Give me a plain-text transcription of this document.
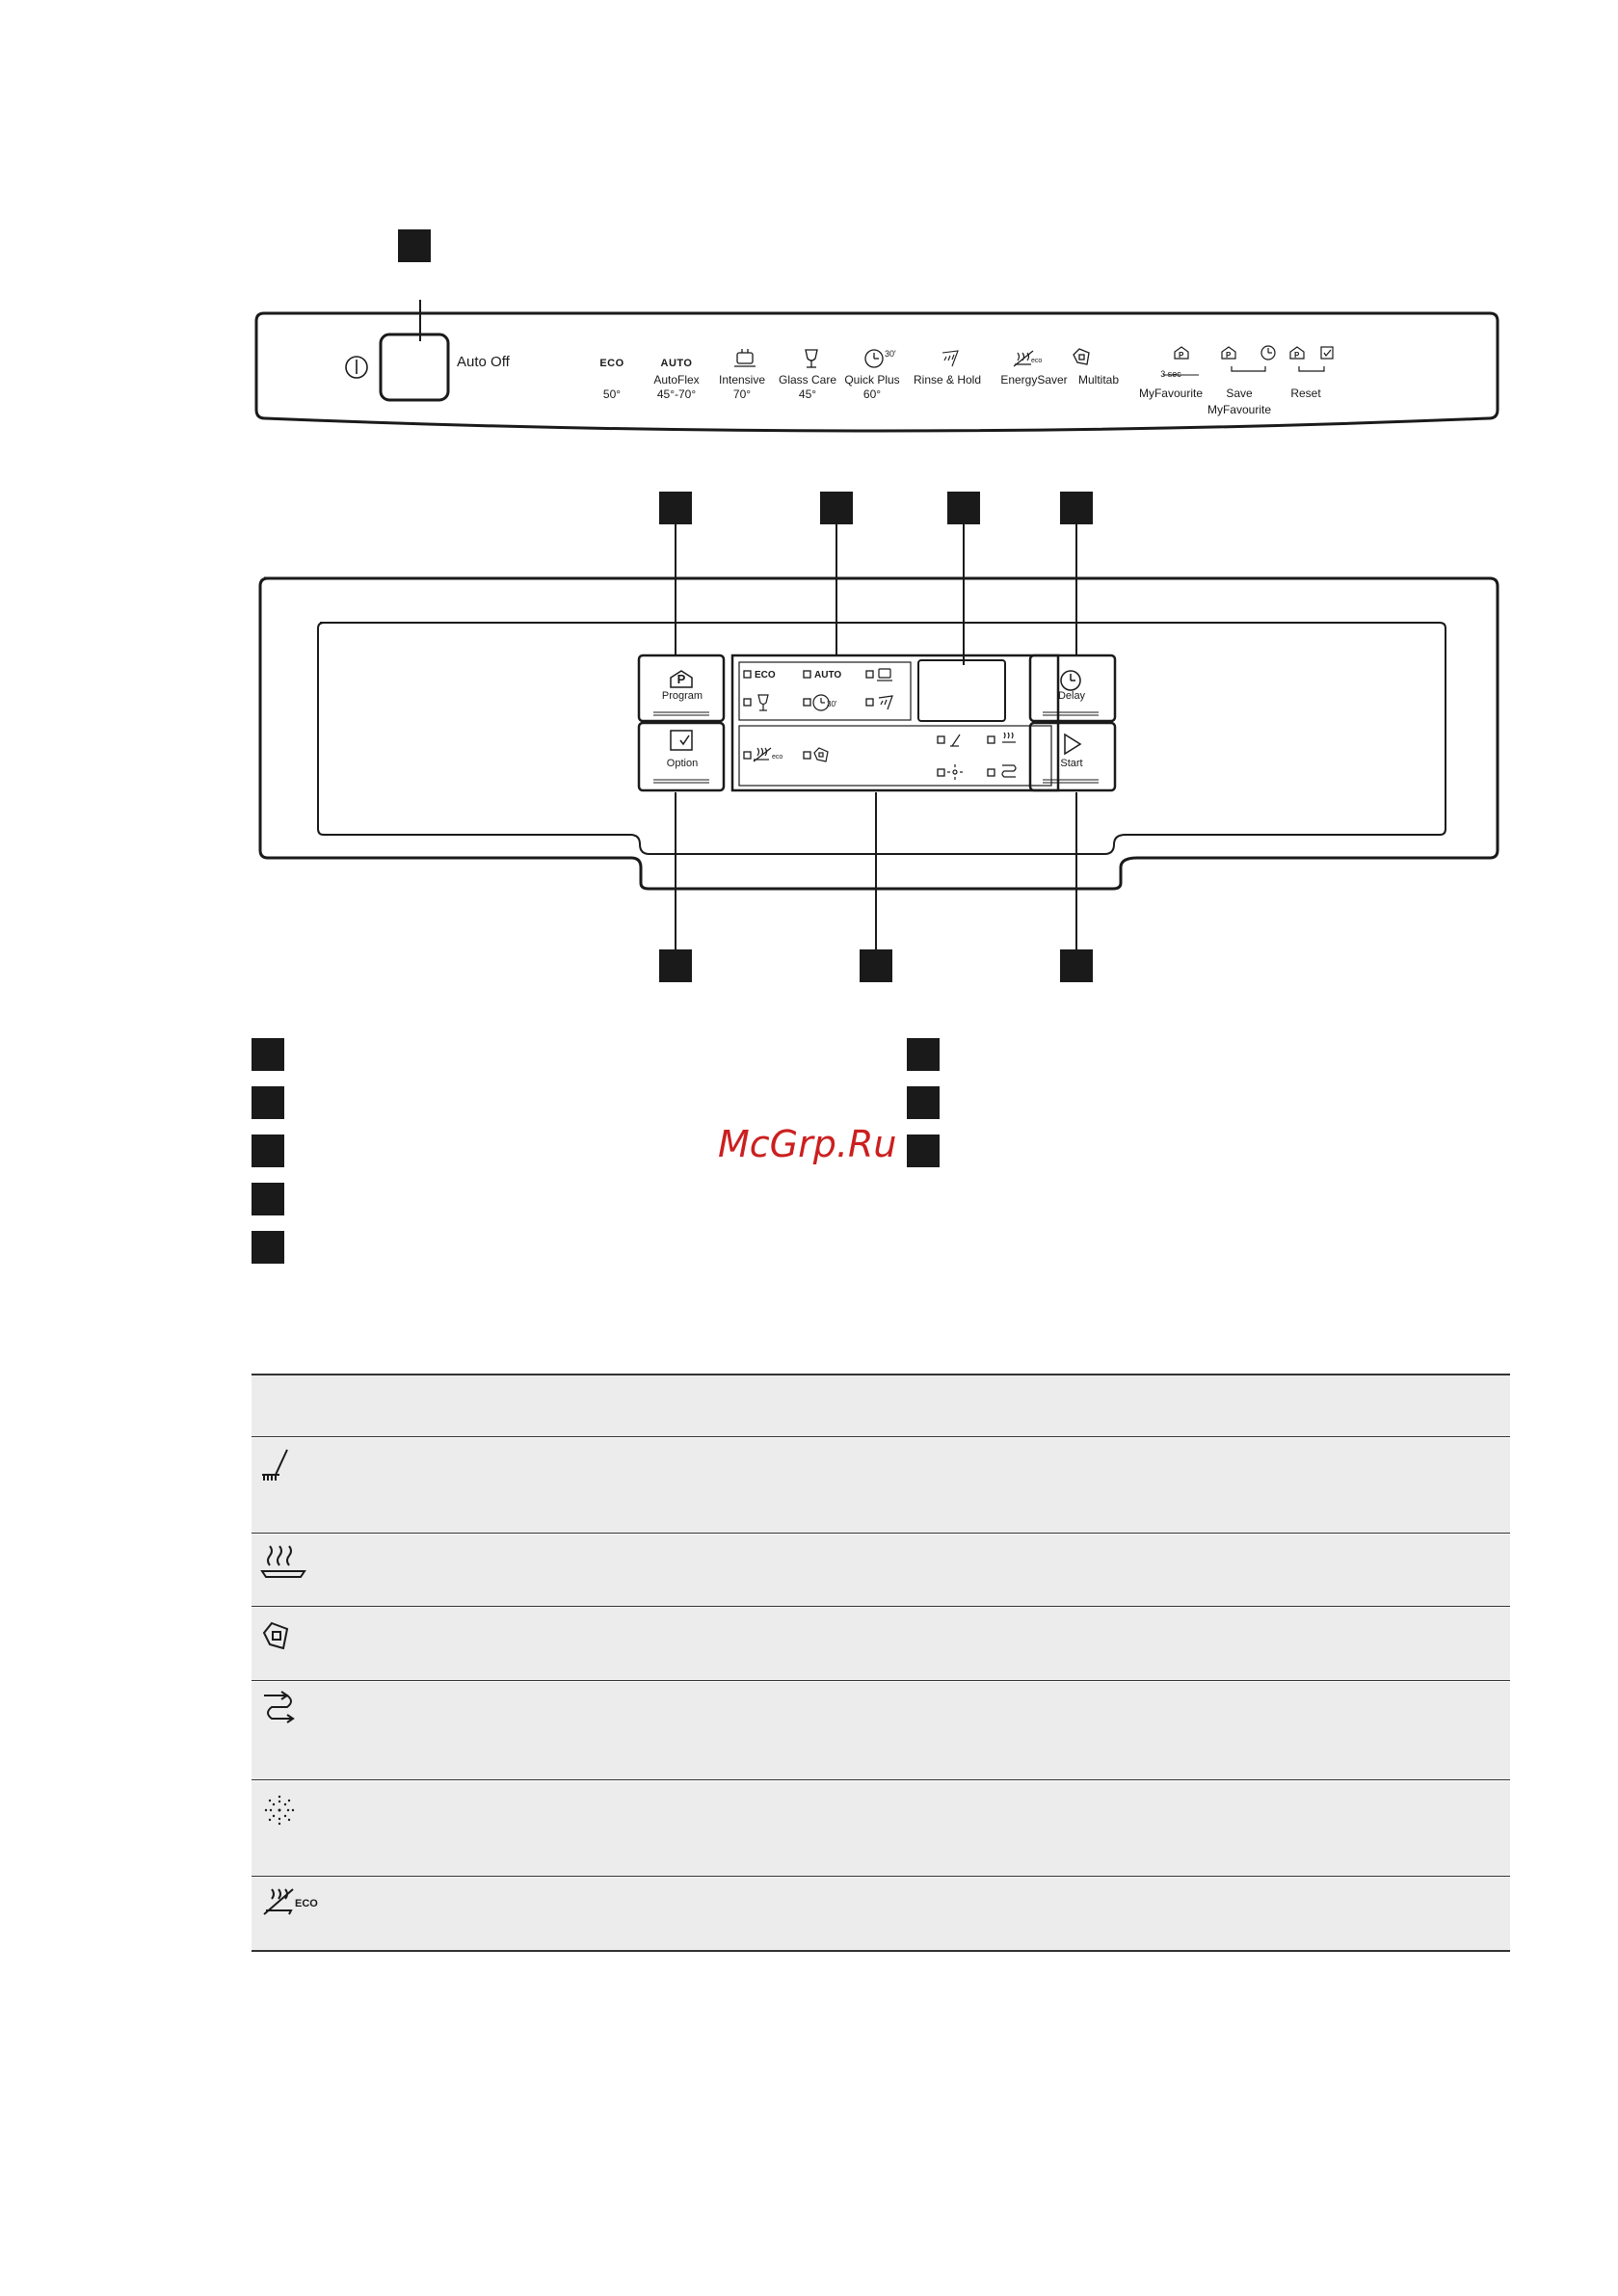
30'
eco
P	P	P
Auto Off	ECO
50°
AUTO
AutoFlex
45°-70°
Intensive
70°
Glass Care
45°
Quick Plus
60°
Rinse & Hold	EnergySaver Multitab	3 sec
MyFavourite	Save
MyFavourite
Reset
ECO	AUTO
30'
eco
P
Program
Option
Delay
Start
McGrp.Ru
ECO
